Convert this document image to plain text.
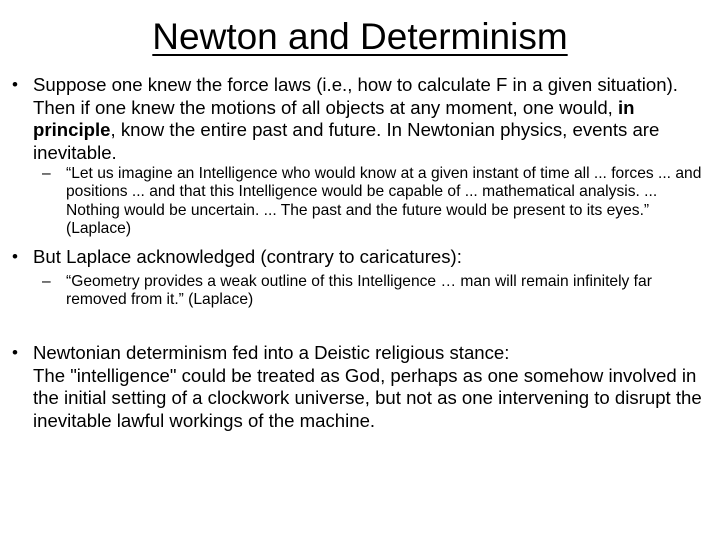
Newton and Determinism
• Suppose one knew the force laws (i.e., how to calculate F in a given situation). Then if one knew the motions of all objects at any moment, one would, in principle, know the entire past and future. In Newtonian physics, events are inevitable.
– “Let us imagine an Intelligence who would know at a given instant of time all ... forces ... and positions ... and that this Intelligence would be capable of ... mathematical analysis. ... Nothing would be uncertain. ... The past and the future would be present to its eyes.” (Laplace)
• But Laplace acknowledged (contrary to caricatures):
– “Geometry provides a weak outline of this Intelligence … man will remain infinitely far removed from it.” (Laplace)
• Newtonian determinism fed into a Deistic religious stance:
The "intelligence" could be treated as God, perhaps as one somehow involved in the initial setting of a clockwork universe, but not as one intervening to disrupt the inevitable lawful workings of the machine.
